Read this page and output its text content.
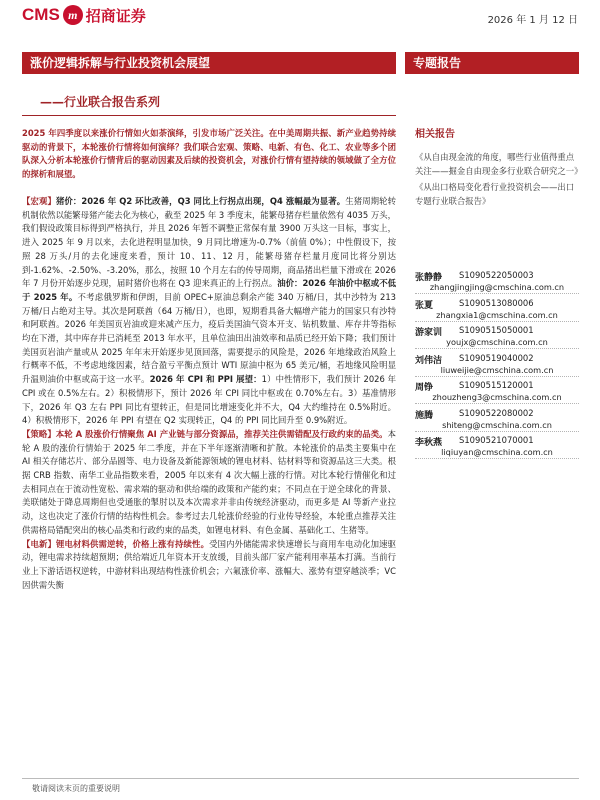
CMS m 招商证券	2026 年 1 月 12 日
涨价逻辑拆解与行业投资机会展望	专题报告
——行业联合报告系列
2025 年四季度以来涨价行情如火如荼演绎，引发市场广泛关注。在中美周期共振、新产业趋势持续驱动的背景下，本轮涨价行情将如何演绎？我们联合宏观、策略、电新、有色、化工、农业等多个团队深入分析本轮涨价行情背后的驱动因素及后续的投资机会，对涨价行情有望持续的领域做了全方位的探析和展望。

【宏观】猪价：2026 年 Q2 环比改善，Q3 同比上行拐点出现，Q4 涨幅最为显著。生猪周期轮转机制依然以能繁母猪产能去化为核心，截至 2025 年 3 季度末，能繁母猪存栏量依然有 4035 万头，我们假设政策目标得到严格执行，并且 2026 年暂不调整正常保有量 3900 万头这一目标，事实上，进入 2025 年 9 月以来，去化进程明显加快，9 月同比增速为-0.7%（前值 0%）；中性假设下，按照 28 万头/月的去化速度来看，预计 10、11、12 月，能繁母猪存栏量月度同比将分别达到-1.62%、-2.50%、-3.20%，那么，按照 10 个月左右的传导周期，商品猪出栏量下滑或在 2026 年 7 月份开始逐步兑现，届时猪价也将在 Q3 迎来真正的上行拐点。油价：2026 年油价中枢或不低于 2025 年。不考虑俄罗斯和伊朗，目前 OPEC+原油总剩余产能 340 万桶/日，其中沙特为 213 万桶/日占绝对主导。其次是阿联酋（64 万桶/日），也即，短期看具备大幅增产能力的国家只有沙特和阿联酋。2026 年美国页岩油或迎来减产压力，疫后美国油气资本开支、钻机数量、库存井等指标均在下滑，其中库存井已消耗至 2013 年水平，且单位油田出油效率和品质已经开始下降；我们预计美国页岩油产量或从 2025 年年末开始逐步见顶回落，需要提示的风险是，2026 年地缘政治风险上行概率不低，不考虑地缘因素，结合盈亏平衡点预计 WTI 原油中枢为 65 美元/桶，若地缘风险明显升温则油价中枢或高于这一水平。2026 年 CPI 和 PPI 展望：1）中性情形下，我们预计 2026 年 CPI 或在 0.5%左右。2）积极情形下，预计 2026 年 CPI 同比中枢或在 0.70%左右。3）基准情形下，2026 年 Q3 左右 PPI 同比有望转正，但是同比增速变化并不大，Q4 大约维持在 0.5%附近。4）积极情形下，2026 年 PPI 有望在 Q2 实现转正，Q4 的 PPI 同比回升至 0.9%附近。

【策略】本轮 A 股涨价行情聚焦 AI 产业链与部分资源品，推荐关注供需错配及行政约束的品类。本轮 A 股的涨价行情始于 2025 年二季度，并在下半年逐渐清晰和扩散。本轮涨价的品类主要集中在 AI 相关存储芯片、部分品圆等、电力设备及新能源领域的锂电材料、钴材料等和资源品这三大类。根据 CRB 指数、南华工业品指数来看，2005 年以来有 4 次大幅上涨的行情。对比本轮行情催化和过去相同点在于流动性宽松、需求端的驱动和供给端的政策和产能约束；不同点在于逆全球化的背景、美联储处于降息周期但也受通胀的掣肘以及本次需求并非由传统经济驱动，而更多是 AI 等新产业拉动，这也决定了涨价行情的结构性机会。参考过去几轮涨价经验的行业传导经验，本轮重点推荐关注供需格局错配突出的核心品类和行政约束的品类，如锂电材料、有色金属、基础化工、生猪等。

【电新】锂电材料供需逆转，价格上涨有持续性。受国内外储能需求快速增长与商用车电动化加速驱动，锂电需求持续超预期；供给端近几年资本开支放缓，目前头部厂家产能利用率基本打满。当前行业上下游话语权逆转，中游材料出现结构性涨价机会；六氟涨价率、涨幅大、涨势有望穿越淡季；VC 因供需失衡

相关报告
《从自由现金流的角度，哪些行业值得重点关注——掘金自由现金多行业联合研究之一》
《从出口格局变化看行业投资机会——出口专题行业联合报告》
张静静 S1090522050003
zhangjingjing@cmschina.com.cn
张夏	S1090513080006
zhangxia1@cmschina.com.cn
游家训 S1090515050001
youjx@cmschina.com.cn
刘伟洁 S1090519040002
liuweijie@cmschina.com.cn
周铮	S1090515120001
zhouzheng3@cmschina.com.cn
施腾	S1090522080002
shiteng@cmschina.com.cn
李秋燕 S1090521070001
liqiuyan@cmschina.com.cn
敬请阅读末页的重要说明
